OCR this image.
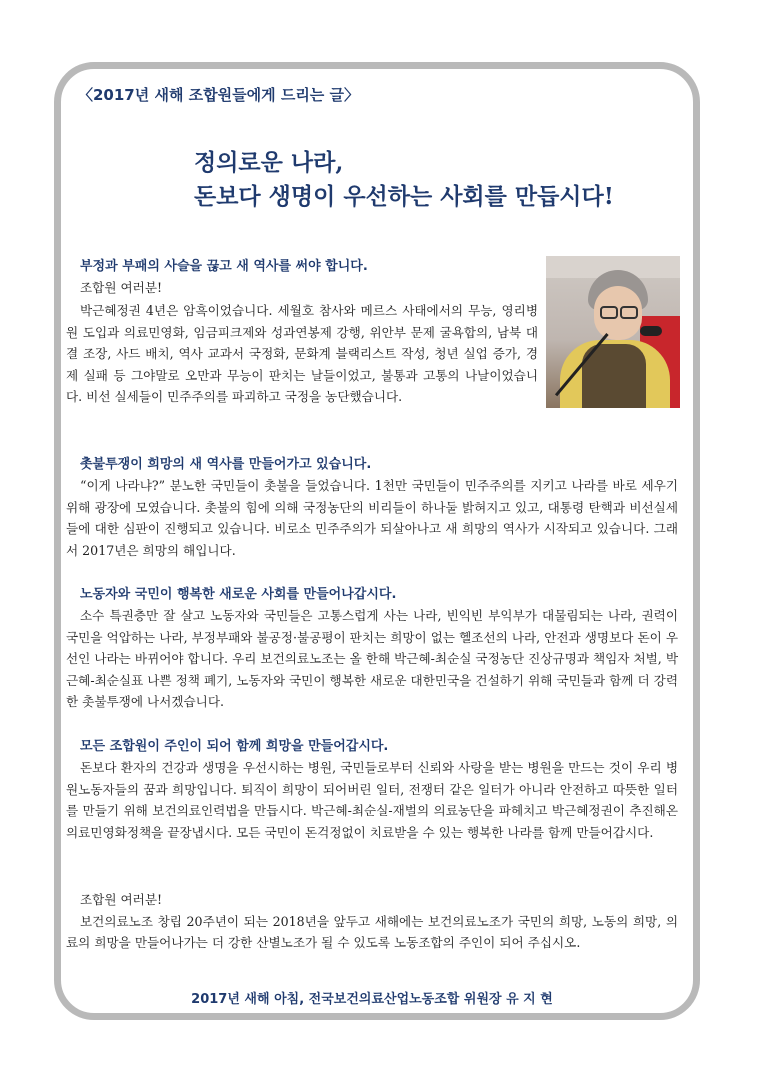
〈2017년 새해 조합원들에게 드리는 글〉
정의로운 나라,
돈보다 생명이 우선하는 사회를 만듭시다!
부정과 부패의 사슬을 끊고 새 역사를 써야 합니다.
조합원 여러분!
박근혜정권 4년은 암흑이었습니다. 세월호 참사와 메르스 사태에서의 무능, 영리병원 도입과 의료민영화, 임금피크제와 성과연봉제 강행, 위안부 문제 굴욕합의, 남북 대결 조장, 사드 배치, 역사 교과서 국정화, 문화계 블랙리스트 작성, 청년 실업 증가, 경제 실패 등 그야말로 오만과 무능이 판치는 날들이었고, 불통과 고통의 나날이었습니다. 비선 실세들이 민주주의를 파괴하고 국정을 농단했습니다.
촛불투쟁이 희망의 새 역사를 만들어가고 있습니다.
“이게 나라냐?” 분노한 국민들이 촛불을 들었습니다. 1천만 국민들이 민주주의를 지키고 나라를 바로 세우기 위해 광장에 모였습니다. 촛불의 힘에 의해 국정농단의 비리들이 하나둘 밝혀지고 있고, 대통령 탄핵과 비선실세들에 대한 심판이 진행되고 있습니다. 비로소 민주주의가 되살아나고 새 희망의 역사가 시작되고 있습니다. 그래서 2017년은 희망의 해입니다.
노동자와 국민이 행복한 새로운 사회를 만들어나갑시다.
소수 특권층만 잘 살고 노동자와 국민들은 고통스럽게 사는 나라, 빈익빈 부익부가 대물림되는 나라, 권력이 국민을 억압하는 나라, 부정부패와 불공정·불공평이 판치는 희망이 없는 헬조선의 나라, 안전과 생명보다 돈이 우선인 나라는 바뀌어야 합니다. 우리 보건의료노조는 올 한해 박근혜-최순실 국정농단 진상규명과 책임자 처벌, 박근혜-최순실표 나쁜 정책 폐기, 노동자와 국민이 행복한 새로운 대한민국을 건설하기 위해 국민들과 함께 더 강력한 촛불투쟁에 나서겠습니다.
모든 조합원이 주인이 되어 함께 희망을 만들어갑시다.
돈보다 환자의 건강과 생명을 우선시하는 병원, 국민들로부터 신뢰와 사랑을 받는 병원을 만드는 것이 우리 병원노동자들의 꿈과 희망입니다. 퇴직이 희망이 되어버린 일터, 전쟁터 같은 일터가 아니라 안전하고 따뜻한 일터를 만들기 위해 보건의료인력법을 만듭시다. 박근혜-최순실-재벌의 의료농단을 파헤치고 박근혜정권이 추진해온 의료민영화정책을 끝장냅시다. 모든 국민이 돈걱정없이 치료받을 수 있는 행복한 나라를 함께 만들어갑시다.
조합원 여러분!
보건의료노조 창립 20주년이 되는 2018년을 앞두고 새해에는 보건의료노조가 국민의 희망, 노동의 희망, 의료의 희망을 만들어나가는 더 강한 산별노조가 될 수 있도록 노동조합의 주인이 되어 주십시오.
2017년 새해 아침, 전국보건의료산업노동조합 위원장 유 지 현
